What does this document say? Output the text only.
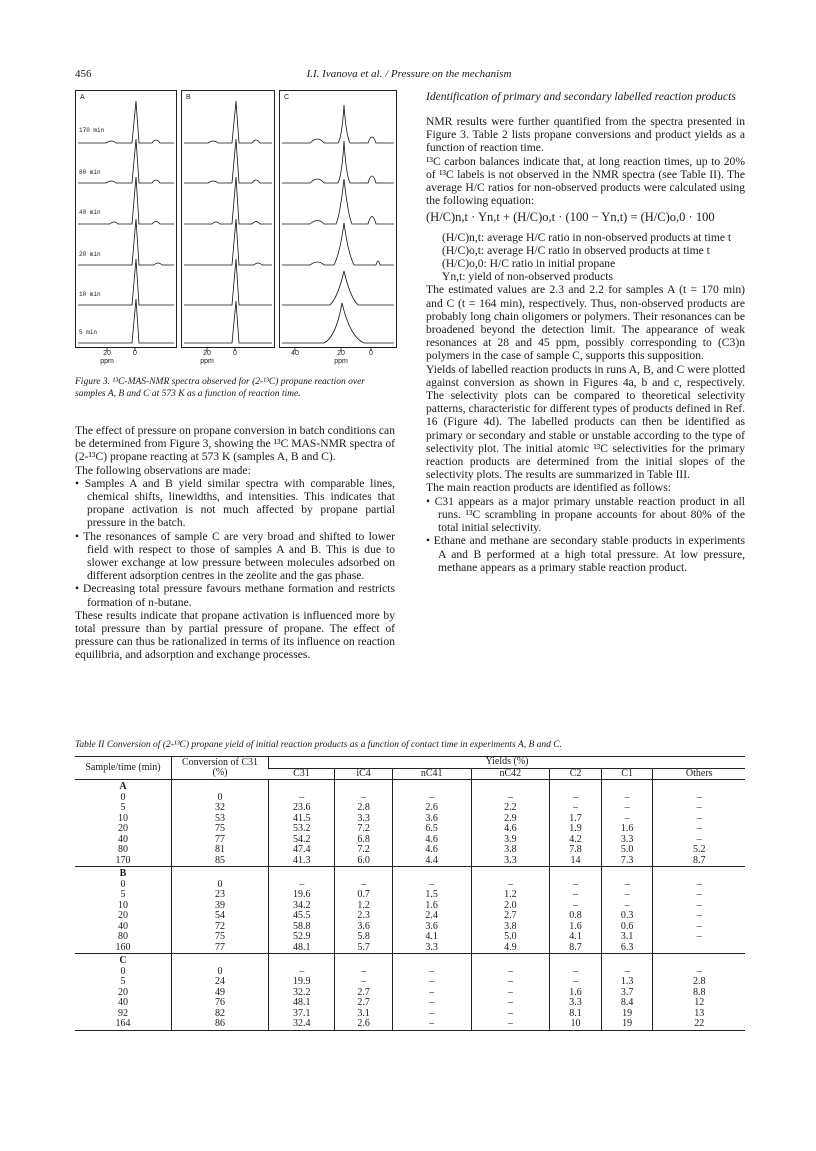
456	I.I. Ivanova et al. / Pressure on the mechanism
A
170 min
80 min
40 min
20 min
10 min
5 min
B	C
20	0
ppm
20	0
ppm
40	20	0
ppm
Figure 3. ¹³C-MAS-NMR spectra observed for (2-¹³C) propane reaction over samples A, B and C at 573 K as a function of reaction time.

The effect of pressure on propane conversion in batch conditions can be determined from Figure 3, showing the ¹³C MAS-NMR spectra of (2-¹³C) propane reacting at 573 K (samples A, B and C).

The following observations are made:

• Samples A and B yield similar spectra with comparable lines, chemical shifts, linewidths, and intensities. This indicates that propane activation is not much affected by propane partial pressure in the batch.

• The resonances of sample C are very broad and shifted to lower field with respect to those of samples A and B. This is due to slower exchange at low pressure between molecules adsorbed on different adsorption centres in the zeolite and the gas phase.

• Decreasing total pressure favours methane formation and restricts formation of n-butane.

These results indicate that propane activation is influenced more by total pressure than by partial pressure of propane. The effect of pressure can thus be rationalized in terms of its influence on reaction equilibria, and adsorption and exchange processes.

Identification of primary and secondary labelled reaction products

NMR results were further quantified from the spectra presented in Figure 3. Table 2 lists propane conversions and product yields as a function of reaction time.

¹³C carbon balances indicate that, at long reaction times, up to 20% of ¹³C labels is not observed in the NMR spectra (see Table II). The average H/C ratios for non-observed products were calculated using the following equation:

(H/C)n,t · Yn,t + (H/C)o,t · (100 − Yn,t) = (H/C)o,0 · 100

(H/C)n,t: average H/C ratio in non-observed products at time t

(H/C)o,t: average H/C ratio in observed products at time t

(H/C)o,0: H/C ratio in initial propane

Yn,t: yield of non-observed products

The estimated values are 2.3 and 2.2 for samples A (t = 170 min) and C (t = 164 min), respectively. Thus, non-observed products are probably long chain oligomers or polymers. Their resonances can be broadened beyond the detection limit. The appearance of weak resonances at 28 and 45 ppm, possibly corresponding to (C3)n polymers in the case of sample C, supports this supposition.

Yields of labelled reaction products in runs A, B, and C were plotted against conversion as shown in Figures 4a, b and c, respectively. The selectivity plots can be compared to theoretical selectivity patterns, characteristic for different types of products defined in Ref. 16 (Figure 4d). The labelled products can then be identified as primary or secondary and stable or unstable according to the type of selectivity plot. The initial atomic ¹³C selectivities for the primary reaction products are determined from the initial slopes of the selectivity plots. The results are summarized in Table III.

The main reaction products are identified as follows:

• C31 appears as a major primary unstable reaction product in all runs. ¹³C scrambling in propane accounts for about 80% of the total initial selectivity.

• Ethane and methane are secondary stable products in experiments A and B performed at a high total pressure. At low pressure, methane appears as a primary stable reaction product.

Table II Conversion of (2-¹³C) propane yield of initial reaction products as a function of contact time in experiments A, B and C.
Sample/time (min)	Conversion of C31 (%)	Yields (%)						
		C31	iC4	nC41	nC42	C2	C1	Others
A								
0	0	–	–	–	–	–	–	–
5	32	23.6	2.8	2.6	2.2	–	–	–
10	53	41.5	3.3	3.6	2.9	1.7	–	–
20	75	53.2	7.2	6.5	4.6	1.9	1.6	–
40	77	54.2	6.8	4.6	3.9	4.2	3.3	–
80	81	47.4	7.2	4.6	3.8	7.8	5.0	5.2
170	85	41.3	6.0	4.4	3.3	14	7.3	8.7
B								
0	0	–	–	–	–	–	–	–
5	23	19.6	0.7	1.5	1.2	–	–	–
10	39	34.2	1.2	1.6	2.0	–	–	–
20	54	45.5	2.3	2.4	2.7	0.8	0.3	–
40	72	58.8	3.6	3.6	3.8	1.6	0.6	–
80	75	52.9	5.8	4.1	5.0	4.1	3.1	–
160	77	48.1	5.7	3.3	4.9	8.7	6.3	
C								
0	0	–	–	–	–	–	–	–
5	24	19.9	–	–	–	–	1.3	2.8
20	49	32.2	2.7	–	–	1.6	3.7	8.8
40	76	48.1	2.7	–	–	3.3	8.4	12
92	82	37.1	3.1	–	–	8.1	19	13
164	86	32.4	2.6	–	–	10	19	22
